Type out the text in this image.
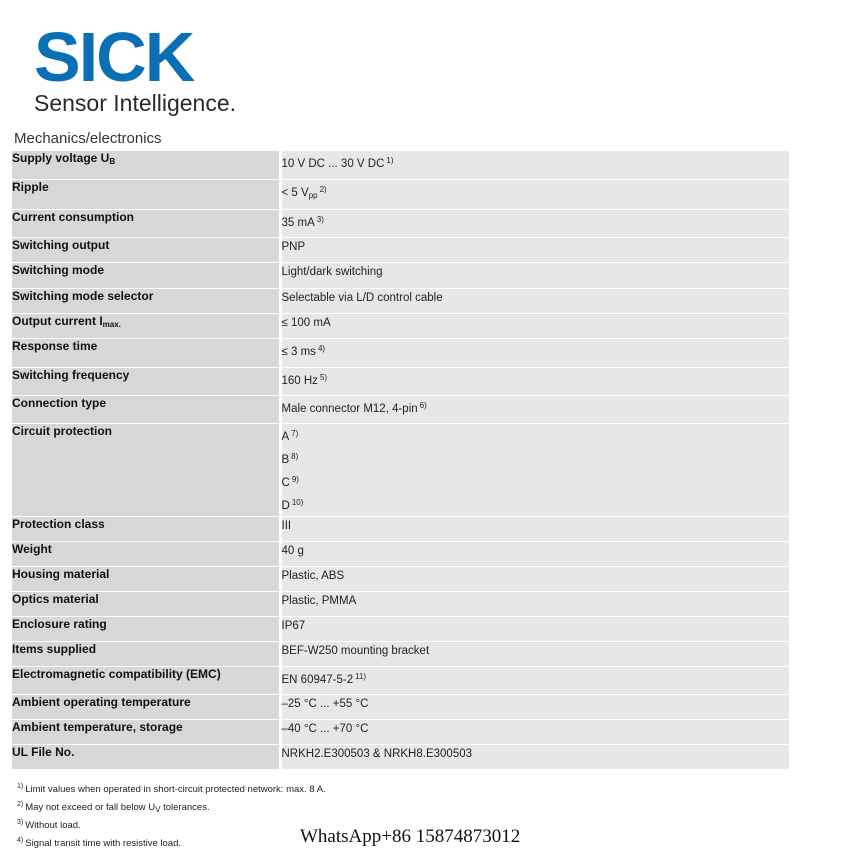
SICK
Sensor Intelligence.
Mechanics/electronics
Supply voltage $U_B$	10 V DC ... 30 V DC $^{1)}$

Ripple	< 5 $V_{pp}^{2)}$

Current consumption	35 mA $^{3)}$

Switching output	PNP

Switching mode	Light/dark switching

Switching mode selector	Selectable via L/D control cable

Output current $I_{max.}$	≤ 100 mA

Response time	≤ 3 ms $^{4)}$

Switching frequency	160 Hz $^{5)}$

Connection type	Male connector M12, 4-pin $^{6)}$

Circuit protection	A $^{7)}$
B $^{8)}$
C $^{9)}$
D $^{10)}$

Protection class	III

Weight	40 g

Housing material	Plastic, ABS

Optics material	Plastic, PMMA

Enclosure rating	IP67

Items supplied	BEF-W250 mounting bracket

Electromagnetic compatibility (EMC)	EN 60947-5-2 $^{11)}$

Ambient operating temperature	–25 °C ... +55 °C

Ambient temperature, storage	–40 °C ... +70 °C

UL File No.	NRKH2.E300503 & NRKH8.E300503
$^{1)}$ Limit values when operated in short-circuit protected network: max. 8 A.
$^{2)}$ May not exceed or fall below $U_V$ tolerances.
$^{3)}$ Without load.
$^{4)}$ Signal transit time with resistive load.	WhatsApp+86 15874873012
